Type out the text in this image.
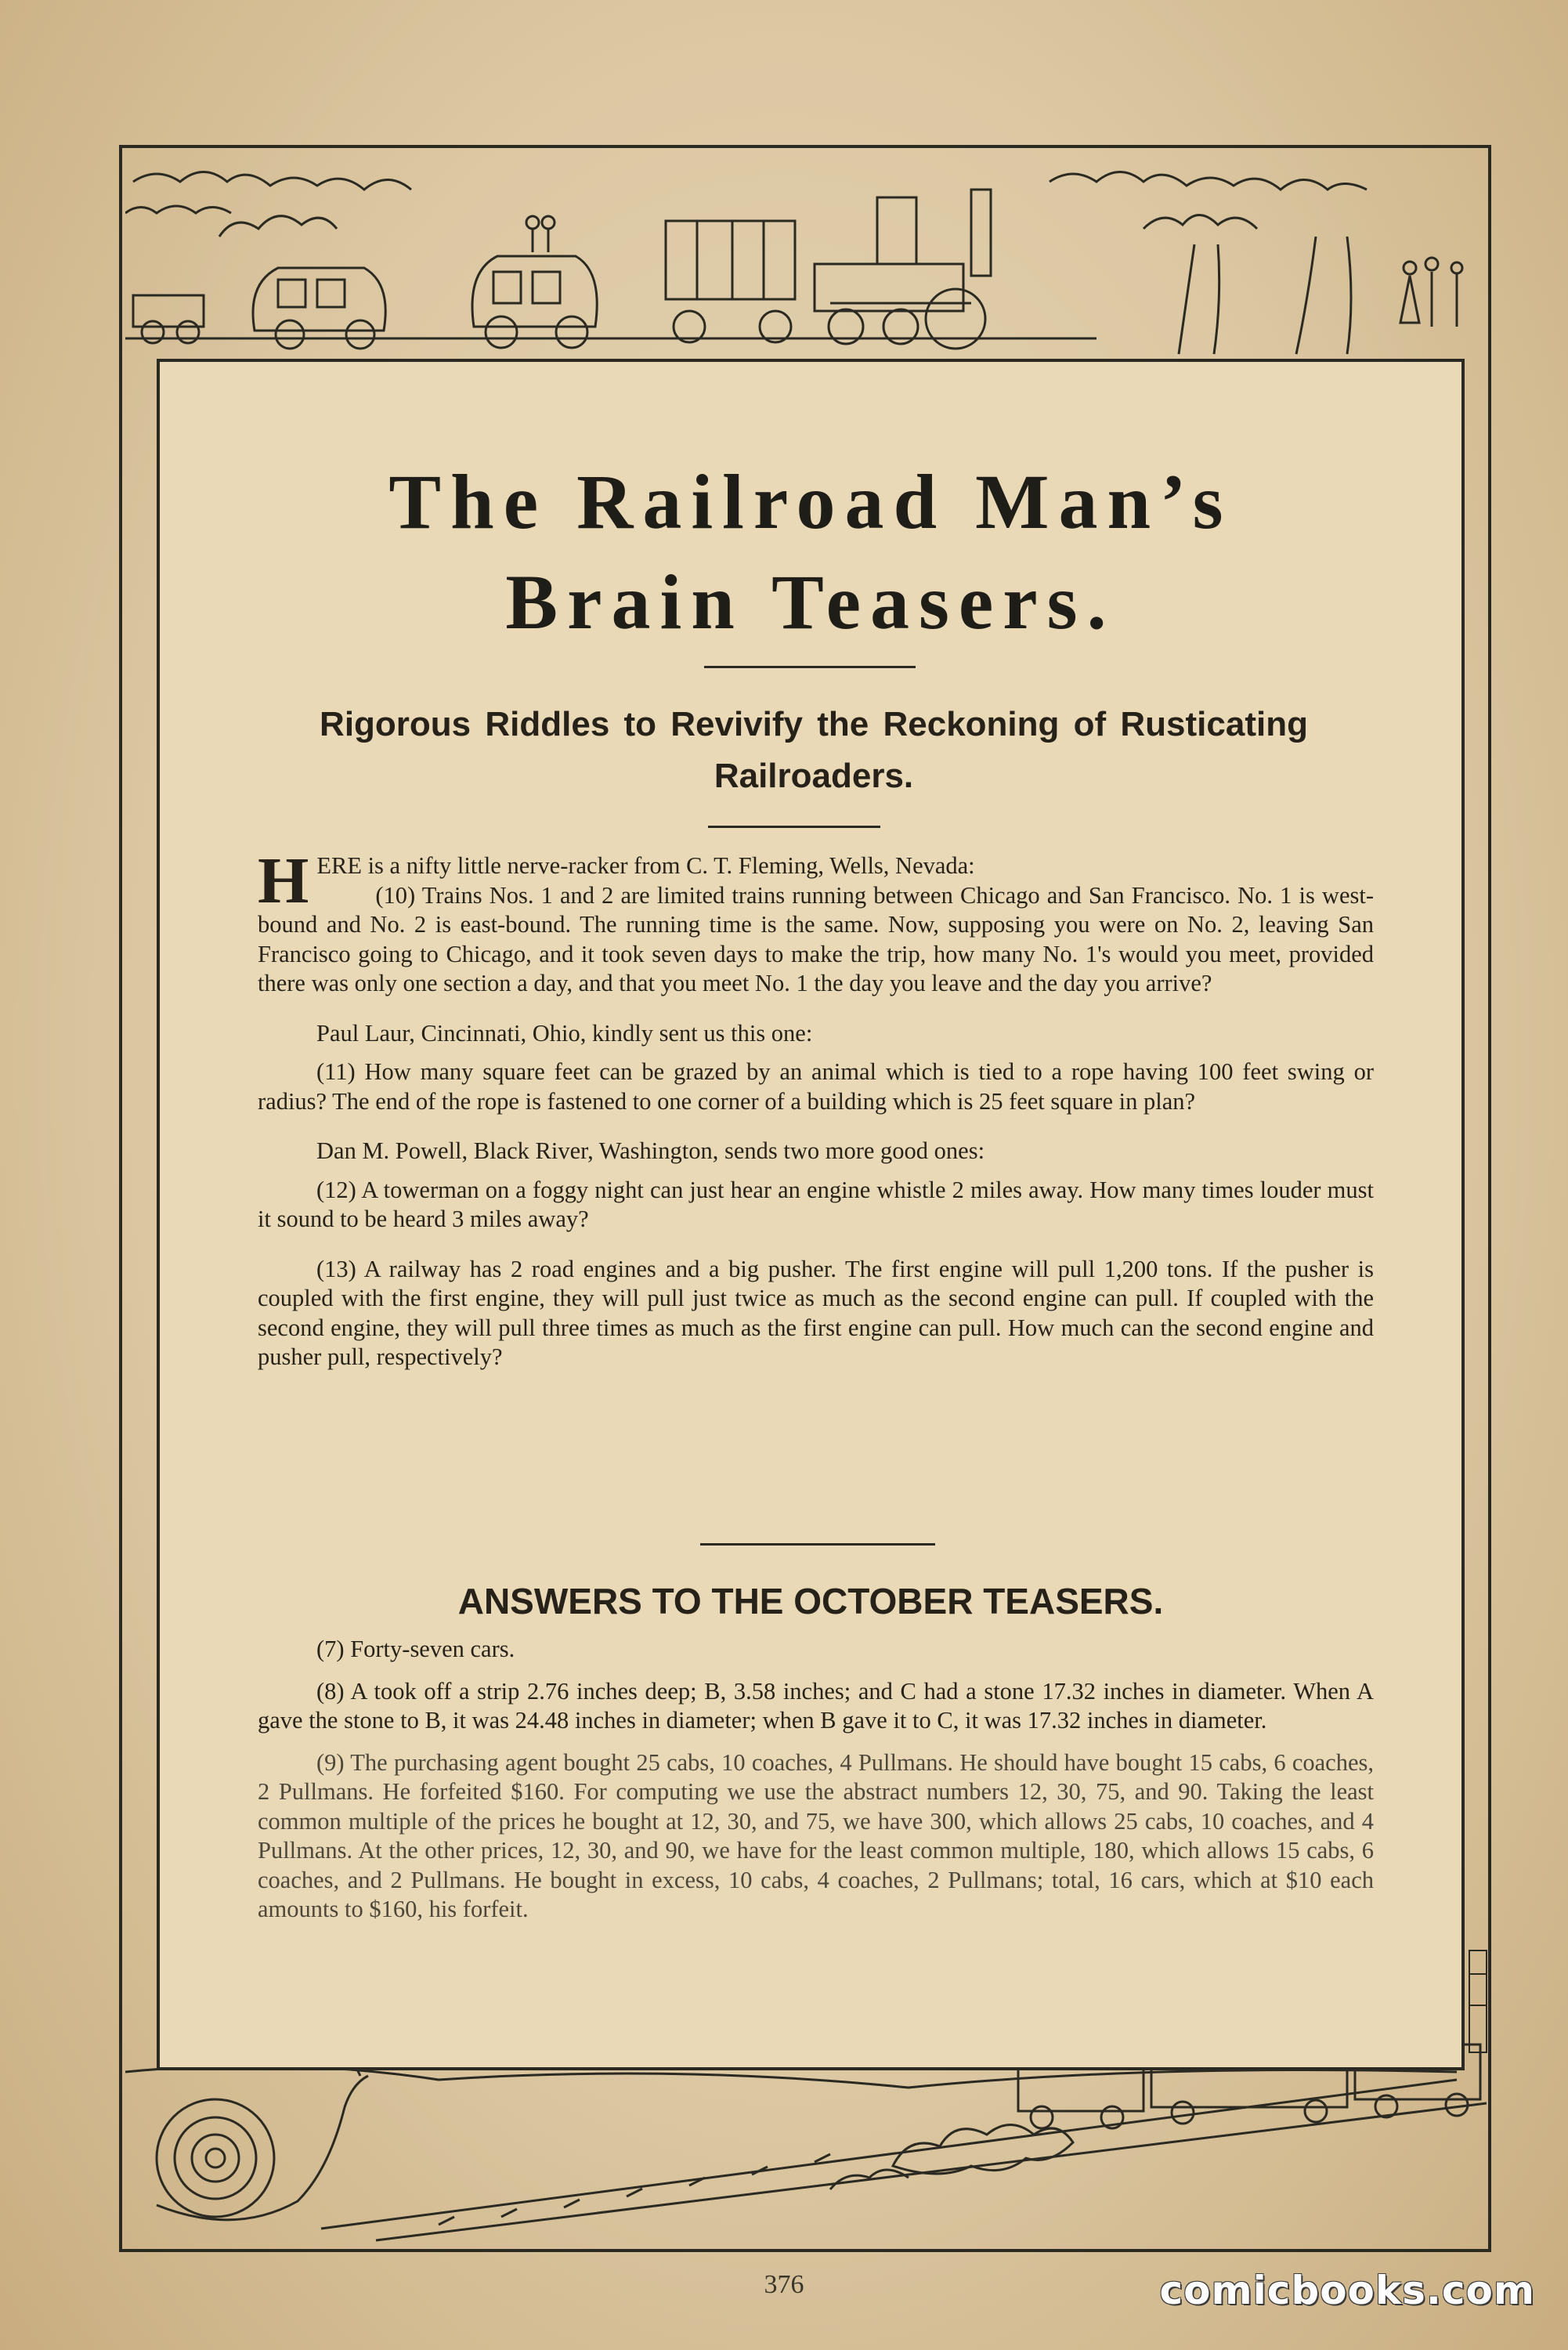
The Railroad Man’s
Brain Teasers.
Rigorous Riddles to Revivify the Reckoning of Rusticating Railroaders.

H ERE is a nifty little nerve-racker from C. T. Fleming, Wells, Nevada:
(10) Trains Nos. 1 and 2 are limited trains running between Chicago and San Francisco. No. 1 is west-bound and No. 2 is east-bound. The running time is the same. Now, supposing you were on No. 2, leaving San Francisco going to Chicago, and it took seven days to make the trip, how many No. 1's would you meet, provided there was only one section a day, and that you meet No. 1 the day you leave and the day you arrive?

Paul Laur, Cincinnati, Ohio, kindly sent us this one:

(11) How many square feet can be grazed by an animal which is tied to a rope having 100 feet swing or radius? The end of the rope is fastened to one corner of a building which is 25 feet square in plan?

Dan M. Powell, Black River, Washington, sends two more good ones:

(12) A towerman on a foggy night can just hear an engine whistle 2 miles away. How many times louder must it sound to be heard 3 miles away?

(13) A railway has 2 road engines and a big pusher. The first engine will pull 1,200 tons. If the pusher is coupled with the first engine, they will pull just twice as much as the second engine can pull. If coupled with the second engine, they will pull three times as much as the first engine can pull. How much can the second engine and pusher pull, respectively?

ANSWERS TO THE OCTOBER TEASERS.

(7) Forty-seven cars.

(8) A took off a strip 2.76 inches deep; B, 3.58 inches; and C had a stone 17.32 inches in diameter. When A gave the stone to B, it was 24.48 inches in diameter; when B gave it to C, it was 17.32 inches in diameter.

(9) The purchasing agent bought 25 cabs, 10 coaches, 4 Pullmans. He should have bought 15 cabs, 6 coaches, 2 Pullmans. He forfeited $160. For computing we use the abstract numbers 12, 30, 75, and 90. Taking the least common multiple of the prices he bought at 12, 30, and 75, we have 300, which allows 25 cabs, 10 coaches, and 4 Pullmans. At the other prices, 12, 30, and 90, we have for the least common multiple, 180, which allows 15 cabs, 6 coaches, and 2 Pullmans. He bought in excess, 10 cabs, 4 coaches, 2 Pullmans; total, 16 cars, which at $10 each amounts to $160, his forfeit.

376	comicbooks.com
